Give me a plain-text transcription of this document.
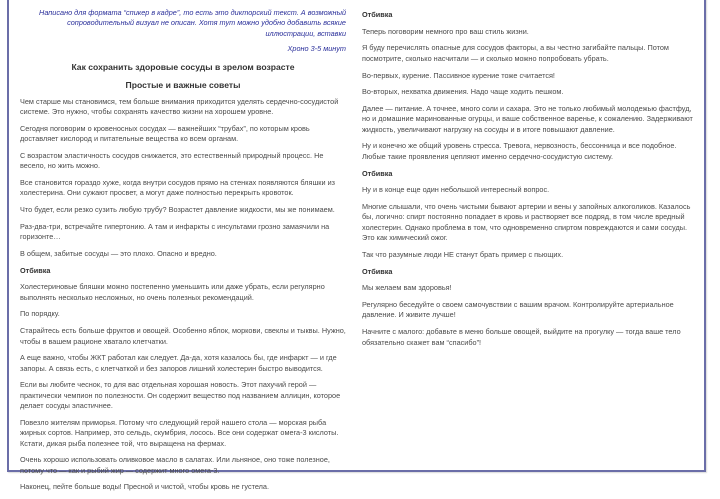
Написано для формата “спикер в кадре”, то есть это дикторский текст. А возможный сопроводительный визуал не описан. Хотя тут можно удобно добавить всякие иллюстрации, вставки

Хроно 3-5 минут

Как сохранить здоровые сосуды в зрелом возрасте
Простые и важные советы

Чем старше мы становимся, тем больше внимания приходится уделять сердечно-сосудистой системе. Это нужно, чтобы сохранять качество жизни на хорошем уровне.

Сегодня поговорим о кровеносных сосудах — важнейших “трубах”, по которым кровь доставляет кислород и питательные вещества ко всем органам.

С возрастом эластичность сосудов снижается, это естественный природный процесс. Не весело, но жить можно.

Все становится гораздо хуже, когда внутри сосудов прямо на стенках появляются бляшки из холестерина. Они сужают просвет, а могут даже полностью перекрыть кровоток.

Что будет, если резко сузить любую трубу? Возрастет давление жидкости, мы же понимаем.

Раз-два-три, встречайте гипертонию. А там и инфаркты с инсультами грозно замаячили на горизонте…

В общем, забитые сосуды — это плохо. Опасно и вредно.

Отбивка

Холестериновые бляшки можно постепенно уменьшить или даже убрать, если регулярно выполнять несколько несложных, но очень полезных рекомендаций.

По порядку.

Старайтесь есть больше фруктов и овощей. Особенно яблок, моркови, свеклы и тыквы. Нужно, чтобы в вашем рационе хватало клетчатки.

А еще важно, чтобы ЖКТ работал как следует. Да-да, хотя казалось бы, где инфаркт — и где запоры. А связь есть, с клетчаткой и без запоров лишний холестерин быстро выводится.

Если вы любите чеснок, то для вас отдельная хорошая новость. Этот пахучий герой — практически чемпион по полезности. Он содержит вещество под названием аллицин, которое делает сосуды эластичнее.

Повезло жителям приморья. Потому что следующий герой нашего стола — морская рыба жирных сортов. Например, это сельдь, скумбрия, лосось. Все они содержат омега-3 кислоты. Кстати, дикая рыба полезнее той, что выращена на фермах.

Очень хорошо использовать оливковое масло в салатах. Или льняное, оно тоже полезное, потому что — как и рыбий жир — содержит много омега-3.

Наконец, пейте больше воды! Пресной и чистой, чтобы кровь не густела.

Отбивка

Теперь поговорим немного про ваш стиль жизни.

Я буду перечислять опасные для сосудов факторы, а вы честно загибайте пальцы. Потом посмотрите, сколько насчитали — и сколько можно попробовать убрать.

Во-первых, курение. Пассивное курение тоже считается!

Во-вторых, нехватка движения. Надо чаще ходить пешком.

Далее — питание. А точнее, много соли и сахара. Это не только любимый молодежью фастфуд, но и домашние маринованные огурцы, и ваше собственное варенье, к сожалению. Задерживают жидкость, увеличивают нагрузку на сосуды и в итоге повышают давление.

Ну и конечно же общий уровень стресса. Тревога, нервозность, бессонница и все подобное. Любые такие проявления цепляют именно сердечно-сосудистую систему.

Отбивка

Ну и в конце еще один небольшой интересный вопрос.

Многие слышали, что очень чистыми бывают артерии и вены у запойных алкоголиков. Казалось бы, логично: спирт постоянно попадает в кровь и растворяет все подряд, в том числе вредный холестерин. Однако проблема в том, что одновременно спиртом повреждаются и сами сосуды. Это как химический ожог.

Так что разумные люди НЕ станут брать пример с пьющих.

Отбивка

Мы желаем вам здоровья!

Регулярно беседуйте о своем самочувствии с вашим врачом. Контролируйте артериальное давление. И живите лучше!

Начните с малого: добавьте в меню больше овощей, выйдите на прогулку — тогда ваше тело обязательно скажет вам “спасибо”!
